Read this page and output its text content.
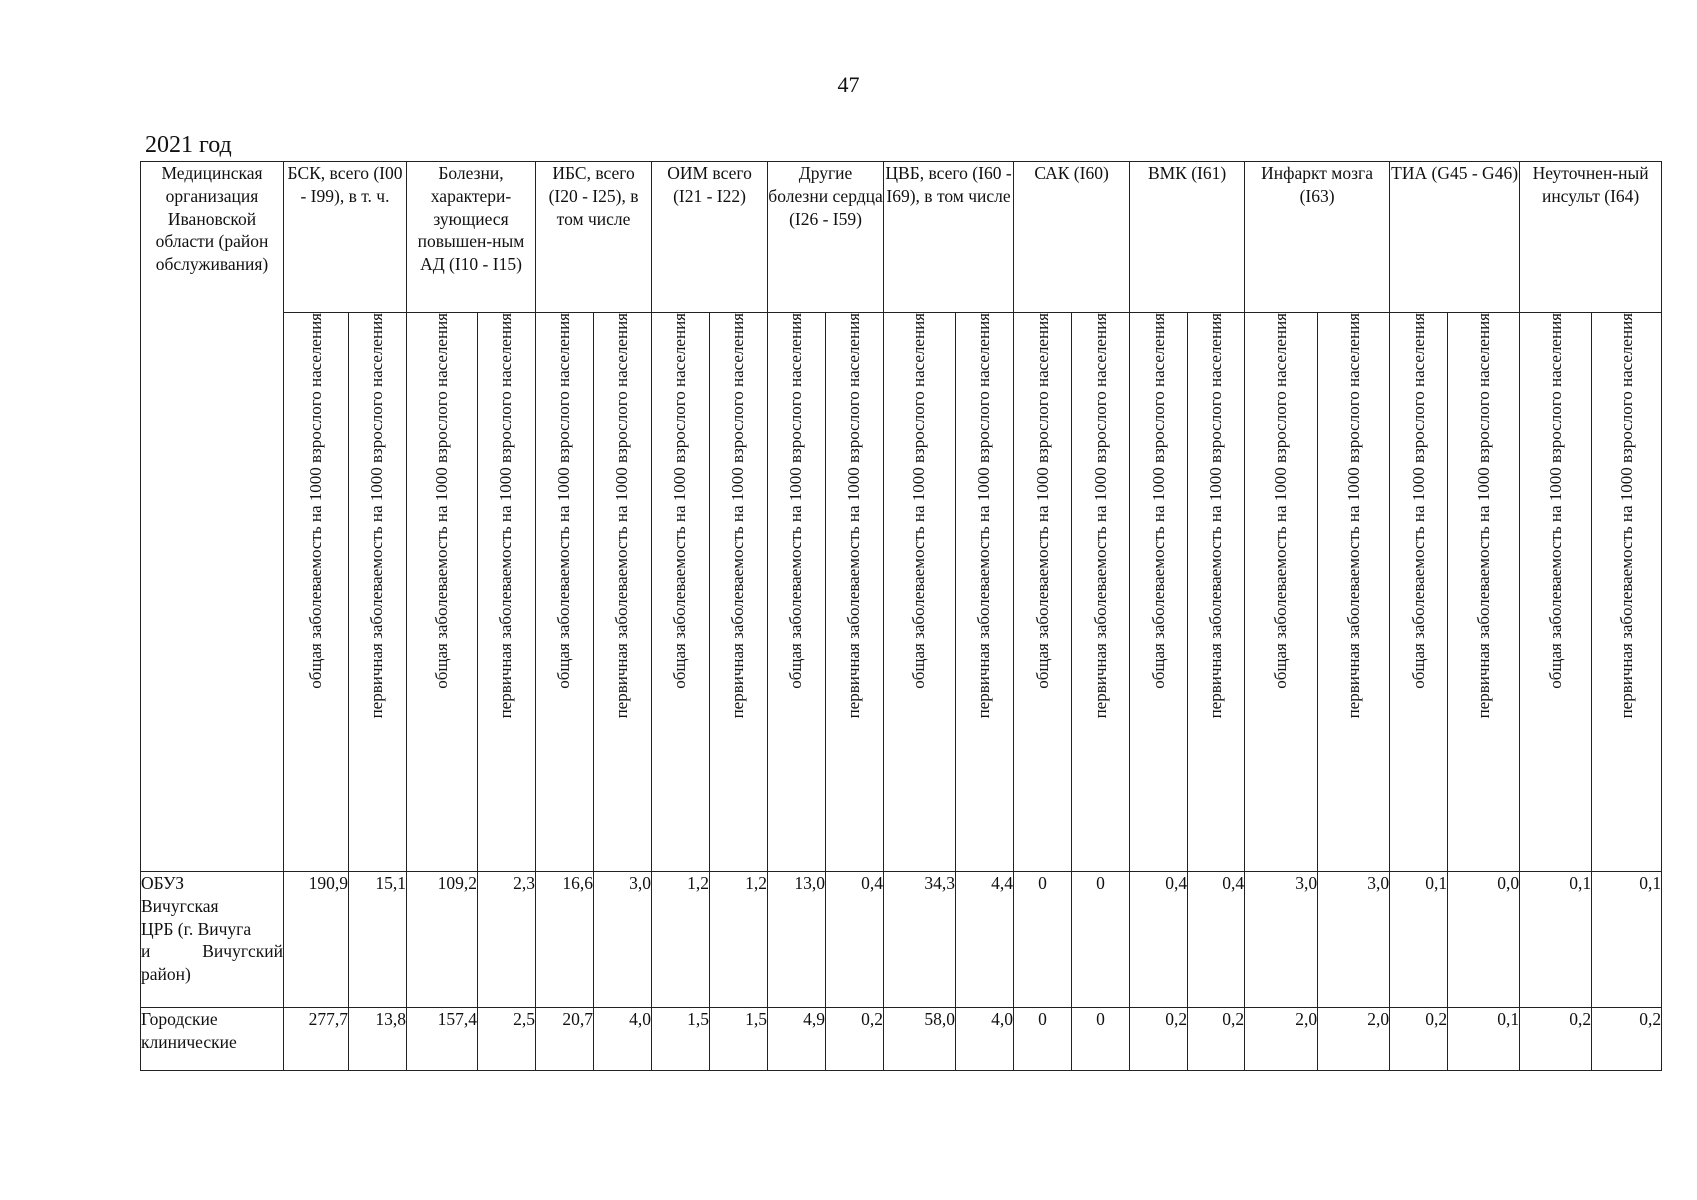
47
2021 год
Медицинская организация Ивановской области (район обслуживания)	БСК, всего (I00 - I99), в т. ч.		Болезни, характери-зующиеся повышен-ным АД (I10 - I15)		ИБС, всего (I20 - I25), в том числе		ОИМ всего (I21 - I22)		Другие болезни сердца (I26 - I59)		ЦВБ, всего (I60 - I69), в том числе		САК (I60)		ВМК (I61)		Инфаркт мозга (I63)		ТИА (G45 - G46)		Неуточнен-ный инсульт (I64)	
	общая заболеваемость на 1000 взрослого населения	первичная заболеваемость на 1000 взрослого населения	общая заболеваемость на 1000 взрослого населения	первичная заболеваемость на 1000 взрослого населения	общая заболеваемость на 1000 взрослого населения	первичная заболеваемость на 1000 взрослого населения	общая заболеваемость на 1000 взрослого населения	первичная заболеваемость на 1000 взрослого населения	общая заболеваемость на 1000 взрослого населения	первичная заболеваемость на 1000 взрослого населения	общая заболеваемость на 1000 взрослого населения	первичная заболеваемость на 1000 взрослого населения	общая заболеваемость на 1000 взрослого населения	первичная заболеваемость на 1000 взрослого населения	общая заболеваемость на 1000 взрослого населения	первичная заболеваемость на 1000 взрослого населения	общая заболеваемость на 1000 взрослого населения	первичная заболеваемость на 1000 взрослого населения	общая заболеваемость на 1000 взрослого населения	первичная заболеваемость на 1000 взрослого населения	общая заболеваемость на 1000 взрослого населения	первичная заболеваемость на 1000 взрослого населения
ОБУЗ
Вичугская
ЦРБ (г. Вичуга

и Вичугский
район)	190,9	15,1	109,2	2,3	16,6	3,0	1,2	1,2	13,0	0,4	34,3	4,4	0	0	0,4	0,4	3,0	3,0	0,1	0,0	0,1	0,1
Городские
клинические	277,7	13,8	157,4	2,5	20,7	4,0	1,5	1,5	4,9	0,2	58,0	4,0	0	0	0,2	0,2	2,0	2,0	0,2	0,1	0,2	0,2
